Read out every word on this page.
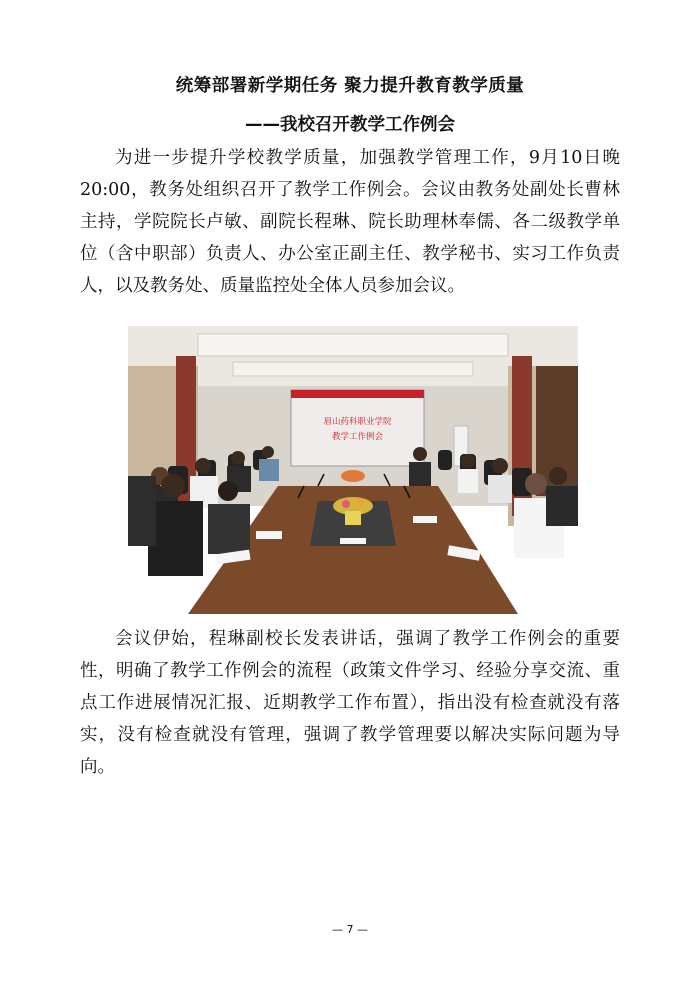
统筹部署新学期任务 聚力提升教育教学质量
——我校召开教学工作例会

为进一步提升学校教学质量，加强教学管理工作，9月10日晚20:00，教务处组织召开了教学工作例会。会议由教务处副处长曹林主持，学院院长卢敏、副院长程琳、院长助理林奉儒、各二级教学单位（含中职部）负责人、办公室正副主任、教学秘书、实习工作负责人，以及教务处、质量监控处全体人员参加会议。

眉山药科职业学院
教学工作例会

会议伊始，程琳副校长发表讲话，强调了教学工作例会的重要性，明确了教学工作例会的流程（政策文件学习、经验分享交流、重点工作进展情况汇报、近期教学工作布置），指出没有检查就没有落实，没有检查就没有管理，强调了教学管理要以解决实际问题为导向。

— 7 —
